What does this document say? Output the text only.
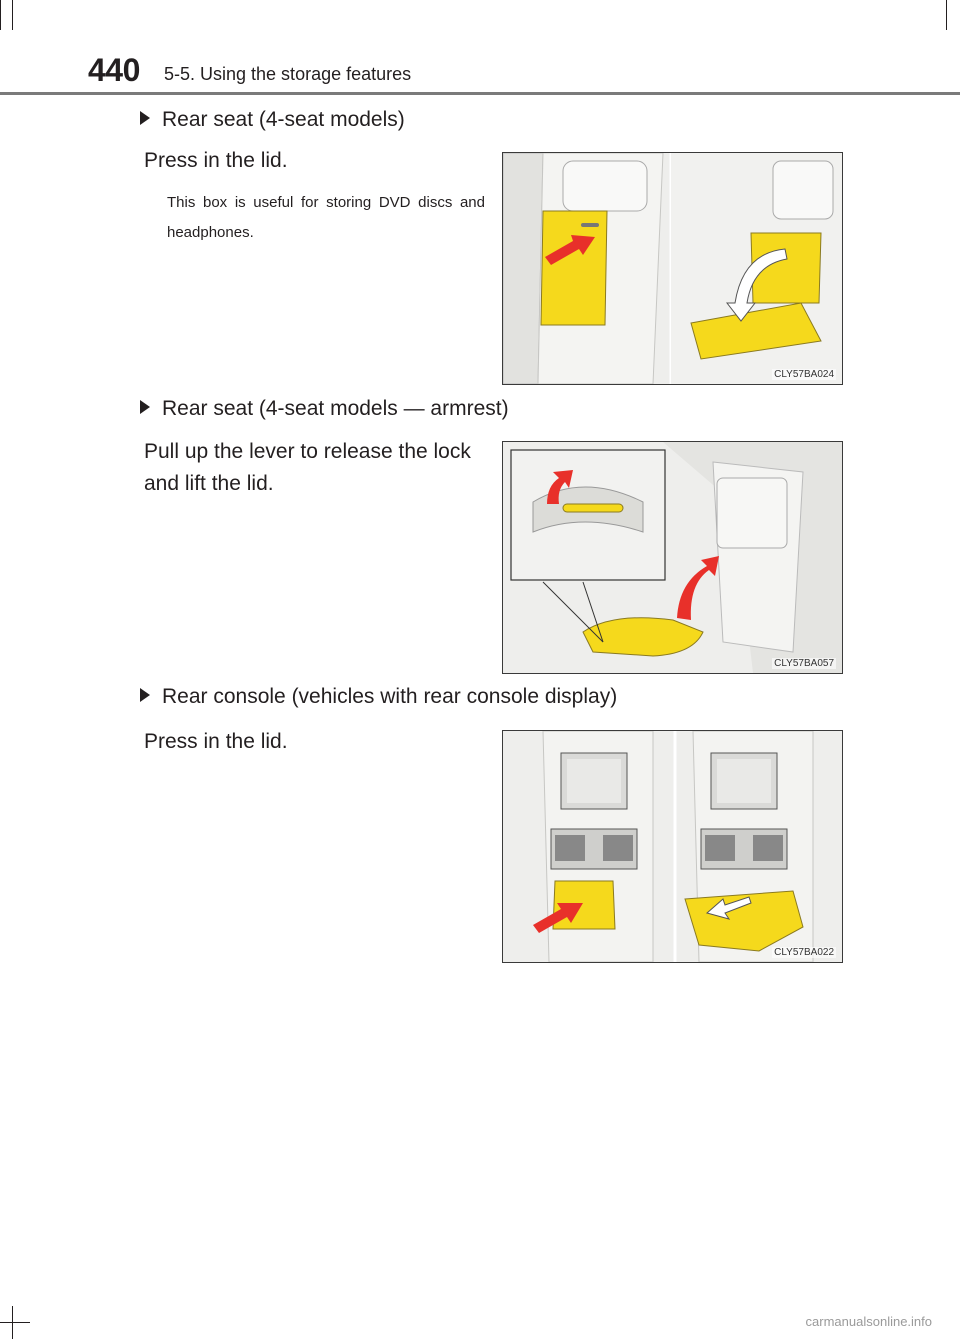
440 5-5. Using the storage features
Rear seat (4-seat models)
Press in the lid.
This box is useful for storing DVD discs and headphones.
CLY57BA024
Rear seat (4-seat models — armrest)
Pull up the lever to release the lock and lift the lid.
CLY57BA057
Rear console (vehicles with rear console display)
Press in the lid.
CLY57BA022
carmanualsonline.info
